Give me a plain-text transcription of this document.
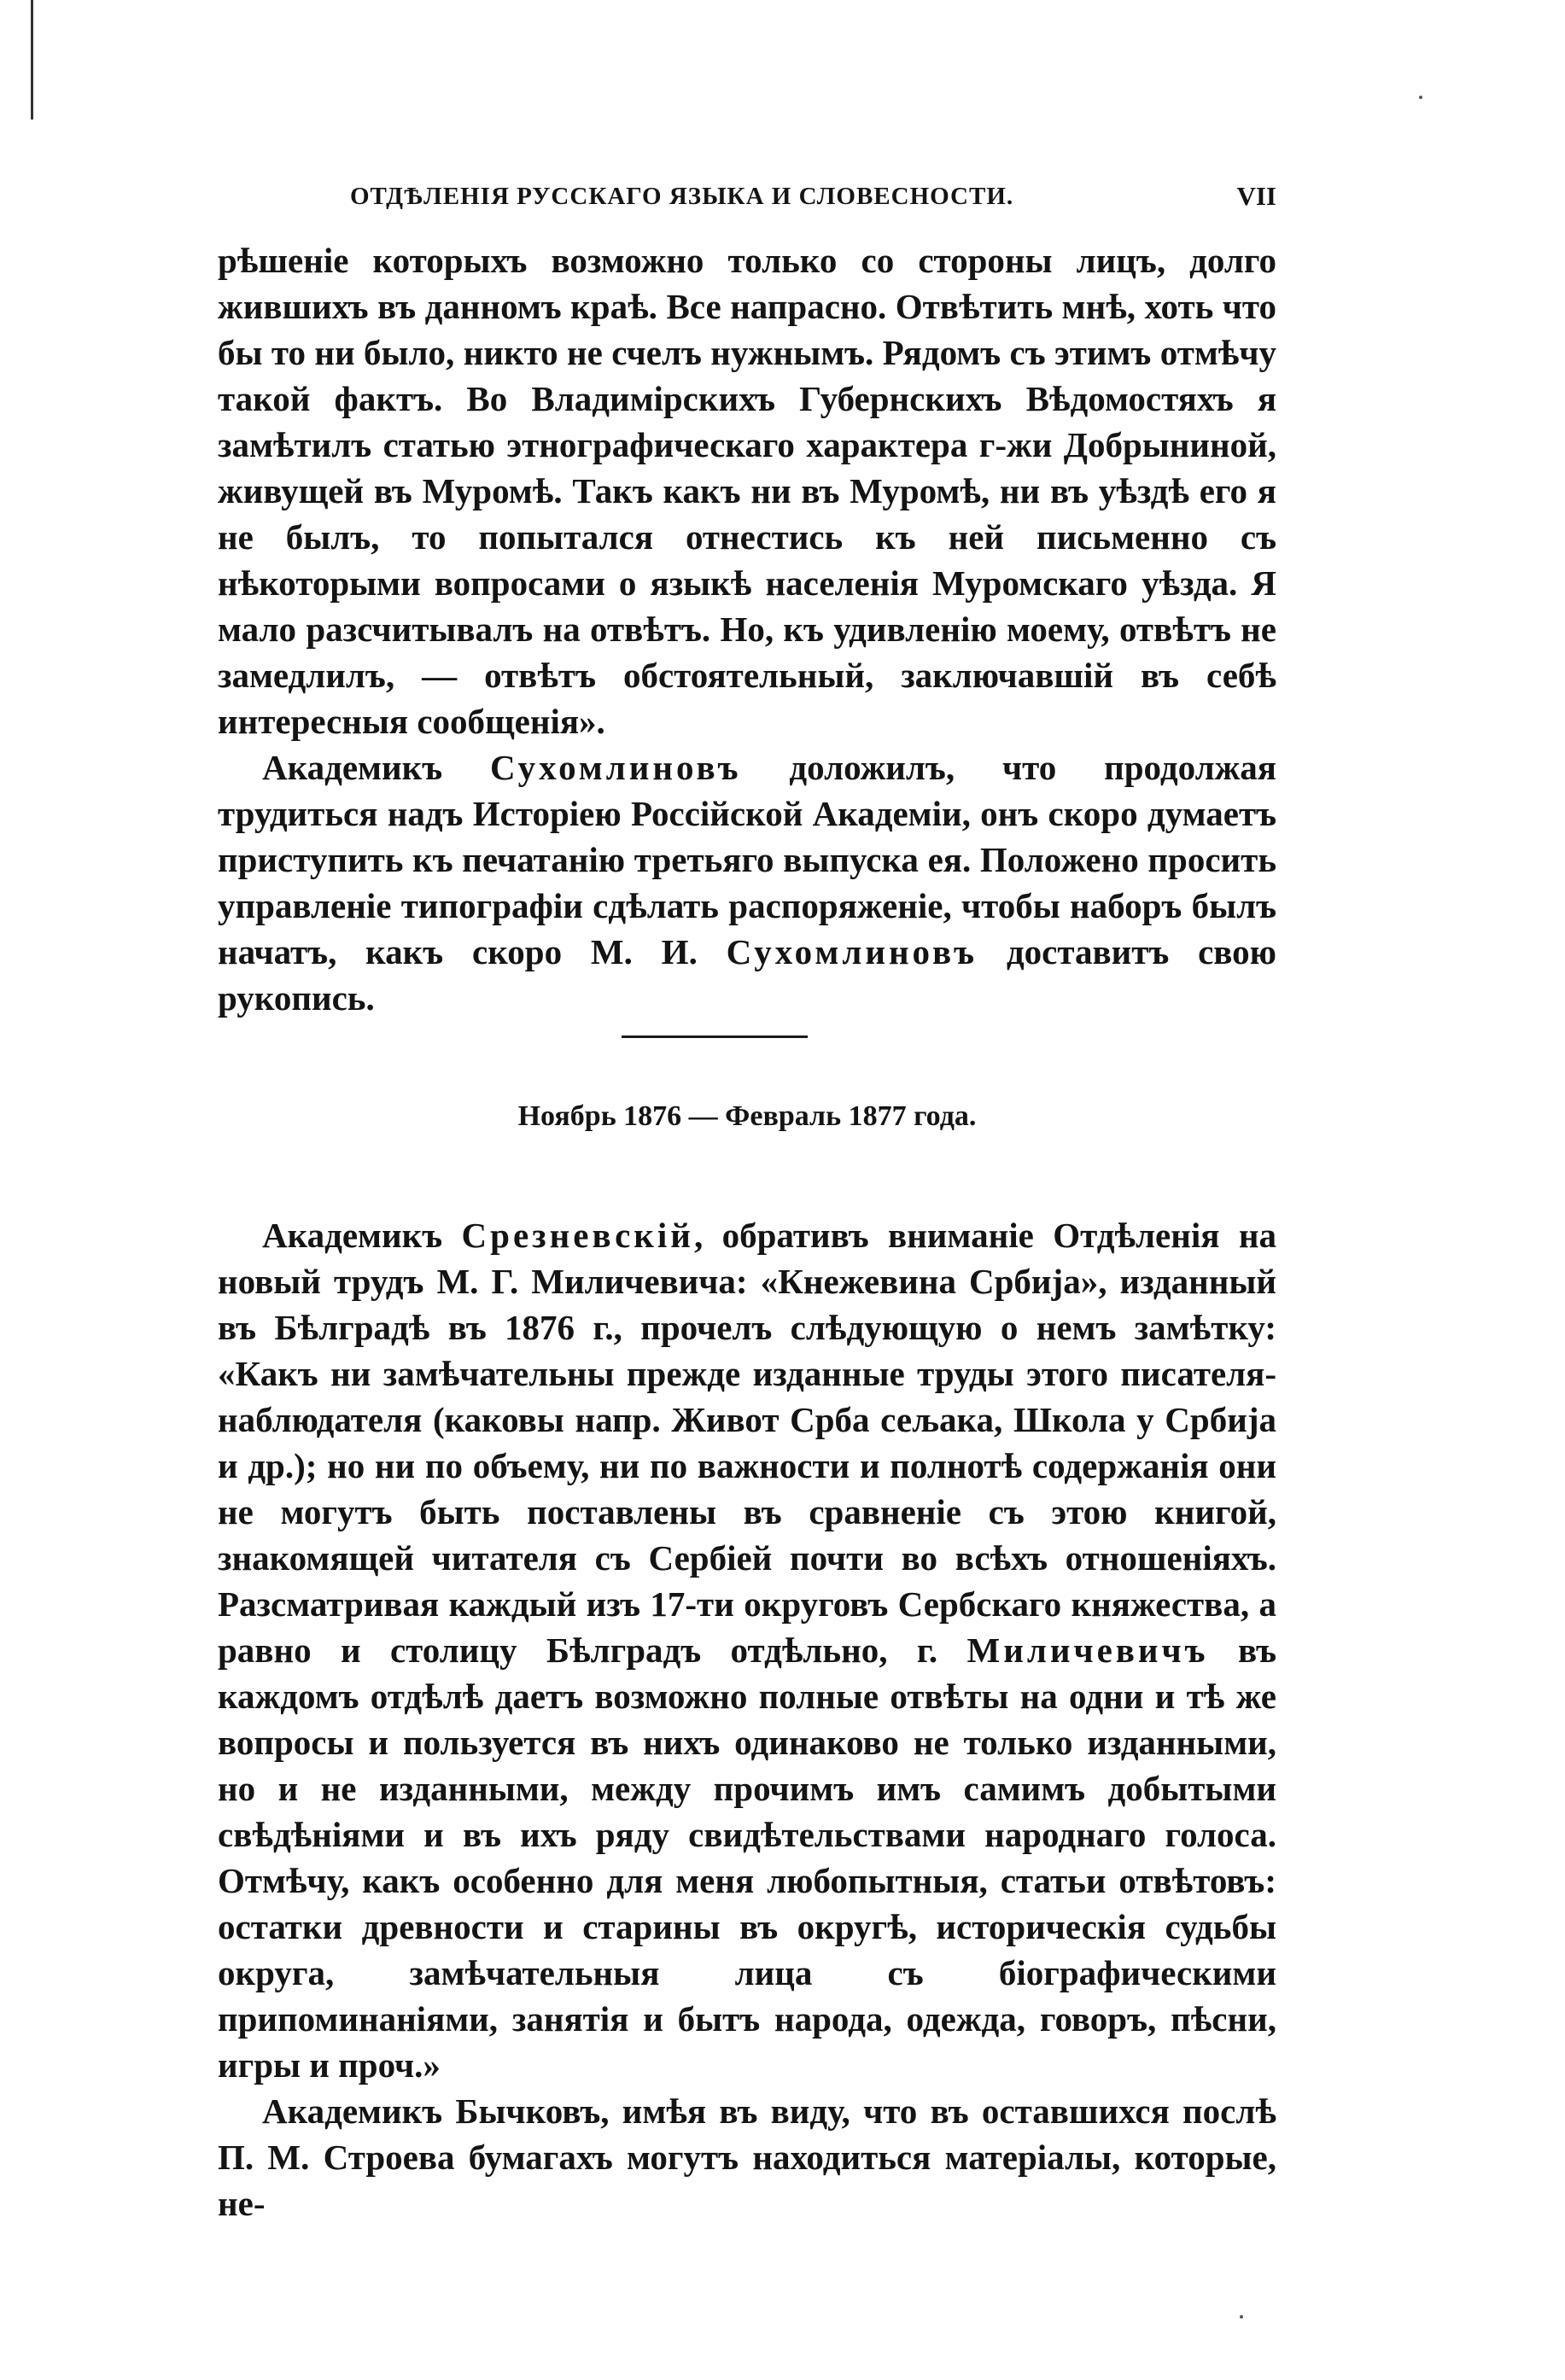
ОТДѢЛЕНІЯ РУССКАГО ЯЗЫКА И СЛОВЕСНОСТИ.	VII

рѣшеніе которыхъ возможно только со стороны лицъ, долго жившихъ въ данномъ краѣ. Все напрасно. Отвѣтить мнѣ, хоть что бы то ни было, никто не счелъ нужнымъ. Рядомъ съ этимъ отмѣчу такой фактъ. Во Владимірскихъ Губернскихъ Вѣдомостяхъ я замѣтилъ статью этнографическаго характера г-жи Добрыниной, живущей въ Муромѣ. Такъ какъ ни въ Муромѣ, ни въ уѣздѣ его я не былъ, то попытался отнестись къ ней письменно съ нѣкоторыми вопросами о языкѣ населенія Муромскаго уѣзда. Я мало разсчитывалъ на отвѣтъ. Но, къ удивленію моему, отвѣтъ не замедлилъ, — отвѣтъ обстоятельный, заключавшій въ себѣ интересныя сообщенія».

Академикъ Сухомлиновъ доложилъ, что продолжая трудиться надъ Исторіею Россійской Академіи, онъ скоро думаетъ приступить къ печатанію третьяго выпуска ея. Положено просить управленіе типографіи сдѣлать распоряженіе, чтобы наборъ былъ начатъ, какъ скоро М. И. Сухомлиновъ доставитъ свою рукопись.

Ноябрь 1876 — Февраль 1877 года.

Академикъ Срезневскій, обративъ вниманіе Отдѣленія на новый трудъ М. Г. Миличевича: «Кнежевина Србија», изданный въ Бѣлградѣ въ 1876 г., прочелъ слѣдующую о немъ замѣтку: «Какъ ни замѣчательны прежде изданные труды этого писателя-наблюдателя (каковы напр. Живот Срба сељака, Школа у Србија и др.); но ни по объему, ни по важности и полнотѣ содержанія они не могутъ быть поставлены въ сравненіе съ этою книгой, знакомящей читателя съ Сербіей почти во всѣхъ отношеніяхъ. Разсматривая каждый изъ 17-ти округовъ Сербскаго княжества, а равно и столицу Бѣлградъ отдѣльно, г. Миличевичъ въ каждомъ отдѣлѣ даетъ возможно полные отвѣты на одни и тѣ же вопросы и пользуется въ нихъ одинаково не только изданными, но и не изданными, между прочимъ имъ самимъ добытыми свѣдѣніями и въ ихъ ряду свидѣтельствами народнаго голоса. Отмѣчу, какъ особенно для меня любопытныя, статьи отвѣтовъ: остатки древности и старины въ округѣ, историческія судьбы округа, замѣчательныя лица съ біографическими припоминаніями, занятія и бытъ народа, одежда, говоръ, пѣсни, игры и проч.»

Академикъ Бычковъ, имѣя въ виду, что въ оставшихся послѣ П. М. Строева бумагахъ могутъ находиться матеріалы, которые, не-
